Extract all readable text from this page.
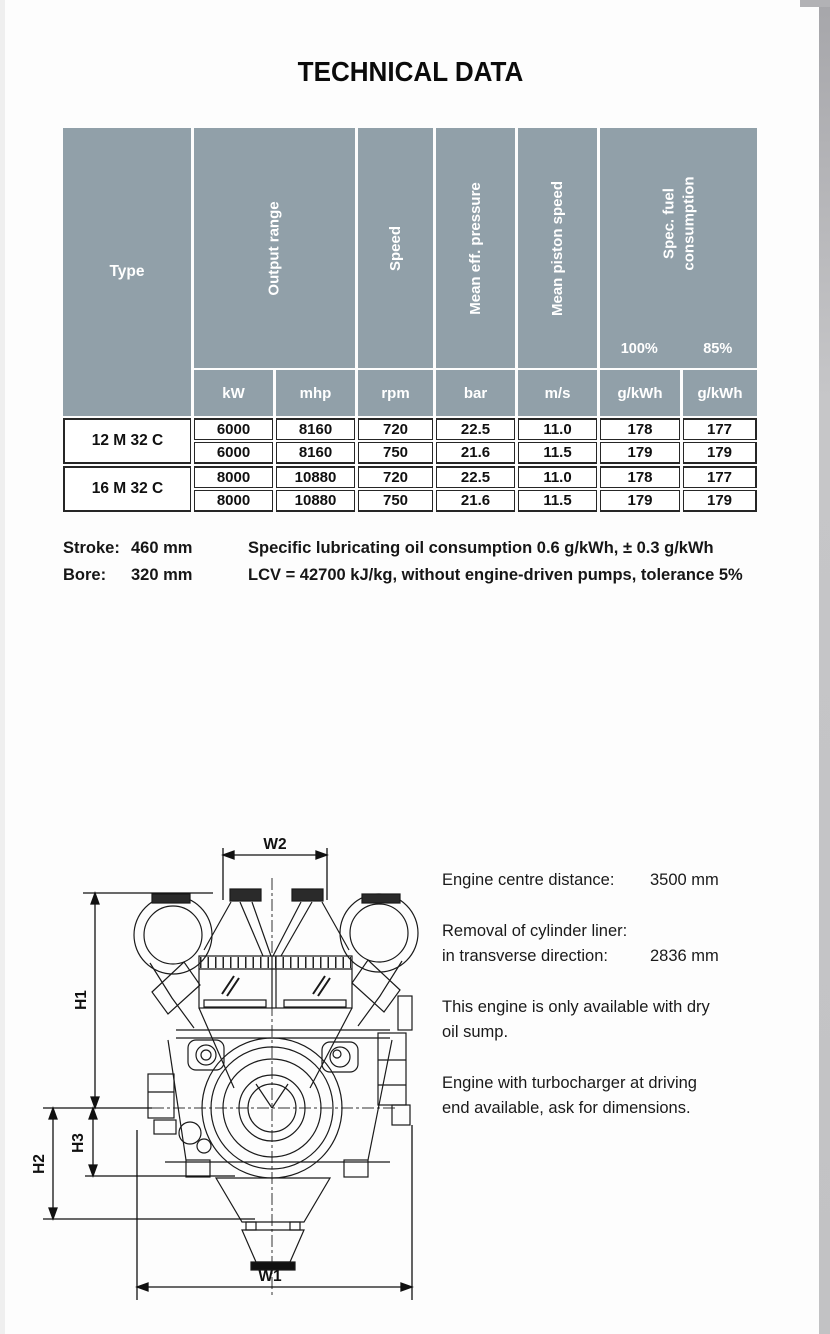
TECHNICAL DATA
Type	Output range	Speed	Mean eff. pressure	Mean piston speed	Spec. fuel consumption
100%	85%
kW	mhp	rpm	bar	m/s	g/kWh	g/kWh
12 M 32 C
6000	8160	720	22.5	11.0	178	177
6000	8160	750	21.6	11.5	179	179
16 M 32 C
8000	10880	720	22.5	11.0	178	177
8000	10880	750	21.6	11.5	179	179
Stroke: 460 mm
Bore: 320 mm
Specific lubricating oil consumption 0.6 g/kWh, ± 0.3 g/kWh
LCV = 42700 kJ/kg, without engine-driven pumps, tolerance 5%
W2
H1
H3
H2
W1

Engine centre distance: 3500 mm

Removal of cylinder liner:
in transverse direction:	2836 mm

This engine is only available with dry
oil sump.

Engine with turbocharger at driving
end available, ask for dimensions.
